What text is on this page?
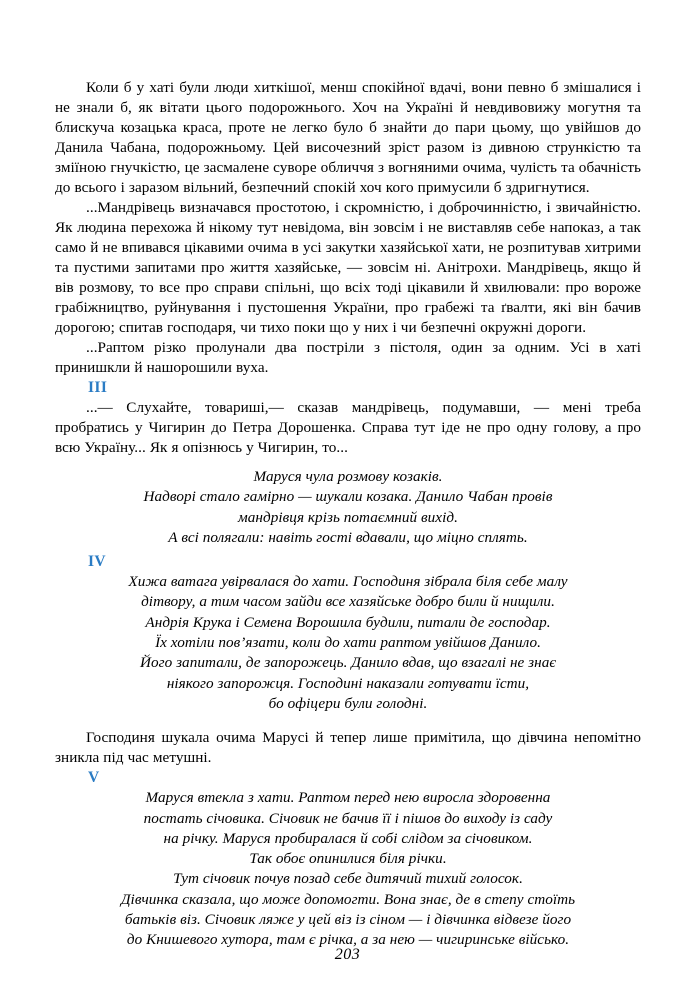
Коли б у хаті були люди хиткішої, менш спокійної вдачі, вони певно б змішалися і не знали б, як вітати цього подорожнього. Хоч на Україні й невдивовижу могутня та блискуча козацька краса, проте не легко було б знайти до пари цьому, що увійшов до Данила Чабана, подорожньому. Цей височезний зріст разом із дивною стрункістю та зміїною гнучкістю, це засмалене суворе обличчя з вогняними очима, чулість та обачність до всього і заразом вільний, безпечний спокій хоч кого примусили б здригнутися.

...Мандрівець визначався простотою, і скромністю, і доброчинністю, і звичайністю. Як людина перехожа й нікому тут невідома, він зовсім і не виставляв себе напоказ, а так само й не впивався цікавими очима в усі закутки хазяйської хати, не розпитував хитрими та пустими запитами про життя хазяйське, — зовсім ні. Анітрохи. Мандрівець, якщо й вів розмову, то все про справи спільні, що всіх тоді цікавили й хвилювали: про вороже грабіжництво, руйнування і пустошення України, про грабежі та ґвалти, які він бачив дорогою; спитав господаря, чи тихо поки що у них і чи безпечні окружні дороги.

...Раптом різко пролунали два постріли з пістоля, один за одним. Усі в хаті принишкли й нашорошили вуха.

III

...— Слухайте, товариші,— сказав мандрівець, подумавши, — мені треба пробратись у Чигирин до Петра Дорошенка. Справа тут іде не про одну голову, а про всю Україну... Як я опізнюсь у Чигирин, то...

Маруся чула розмову козаків.
Надворі стало гамірно — шукали козака. Данило Чабан провів
мандрівця крізь потаємний вихід.
А всі полягали: навіть гості вдавали, що міцно сплять.
IV
Хижа ватага увірвалася до хати. Господиня зібрала біля себе малу
дітвору, а тим часом зайди все хазяйське добро били й нищили.
Андрія Крука і Семена Ворошила будили, питали де господар.
Їх хотіли пов’язати, коли до хати раптом увійшов Данило.
Його запитали, де запорожець. Данило вдав, що взагалі не знає
ніякого запорожця. Господині наказали готувати їсти,
бо офіцери були голодні.

Господиня шукала очима Марусі й тепер лише примітила, що дівчина непомітно зникла під час метушні.

V
Маруся втекла з хати. Раптом перед нею виросла здоровенна
постать січовика. Січовик не бачив її і пішов до виходу із саду
на річку. Маруся пробиралася й собі слідом за січовиком.
Так обоє опинилися біля річки.
Тут січовик почув позад себе дитячий тихий голосок.
Дівчинка сказала, що може допомогти. Вона знає, де в степу стоїть
батьків віз. Січовик ляже у цей віз із сіном — і дівчинка відвезе його
до Книшевого хутора, там є річка, а за нею — чигиринське військо.
203
